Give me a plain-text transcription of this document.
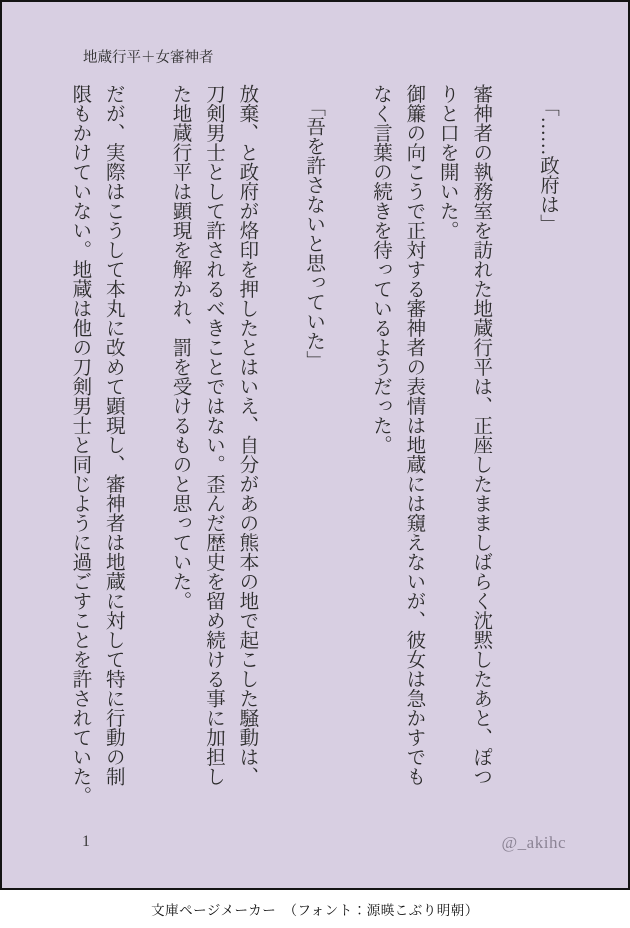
地蔵行平＋女審神者

「……政府は」

審神者の執務室を訪れた地蔵行平は、正座したまましばらく沈黙したあと、ぽつ

りと口を開いた。

御簾の向こうで正対する審神者の表情は地蔵には窺えないが、彼女は急かすでも

なく言葉の続きを待っているようだった。

「吾を許さないと思っていた」

放棄、と政府が烙印を押したとはいえ、自分があの熊本の地で起こした騒動は、

刀剣男士として許されるべきことではない。歪んだ歴史を留め続ける事に加担し

た地蔵行平は顕現を解かれ、罰を受けるものと思っていた。

だが、実際はこうして本丸に改めて顕現し、審神者は地蔵に対して特に行動の制

限もかけていない。地蔵は他の刀剣男士と同じように過ごすことを許されていた。

1	@_akihc
文庫ページメーカー　（フォント：源暎こぶり明朝）
